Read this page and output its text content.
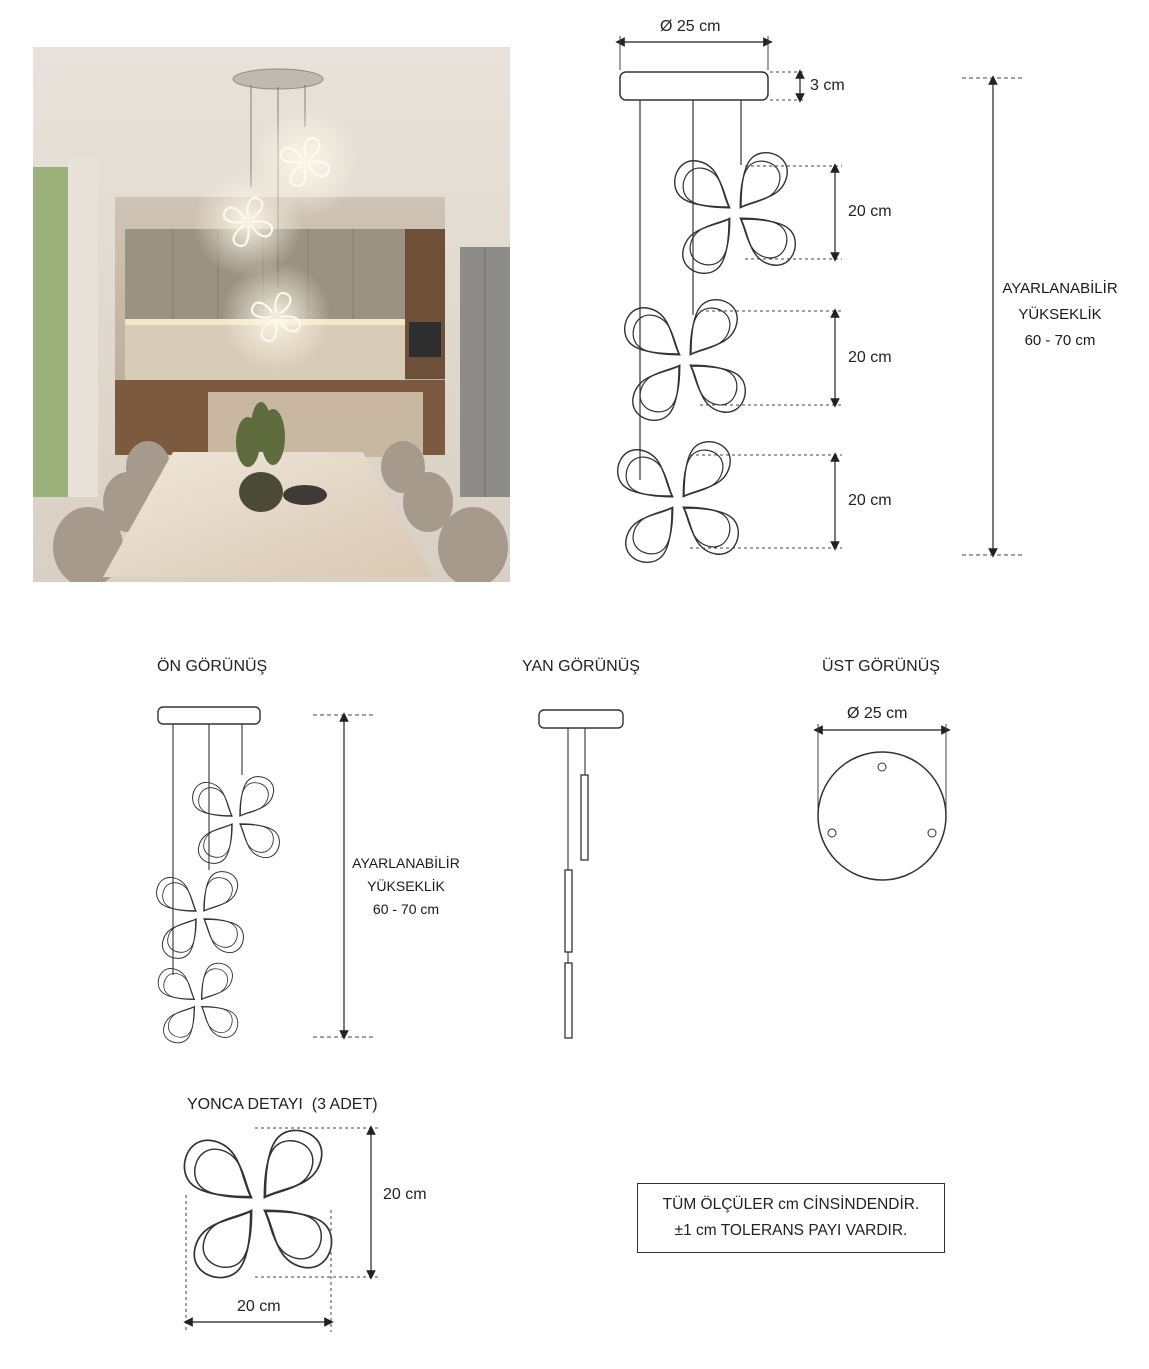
Ø 25 cm
3 cm
20 cm
20 cm
20 cm
AYARLANABİLİR
YÜKSEKLİK
60 - 70 cm
ÖN GÖRÜNÜŞ
AYARLANABİLİR
YÜKSEKLİK
60 - 70 cm
YAN GÖRÜNÜŞ	ÜST GÖRÜNÜŞ
Ø 25 cm
YONCA DETAYI  (3 ADET)
20 cm
20 cm
TÜM ÖLÇÜLER cm CİNSİNDENDİR.
±1 cm TOLERANS PAYI VARDIR.
